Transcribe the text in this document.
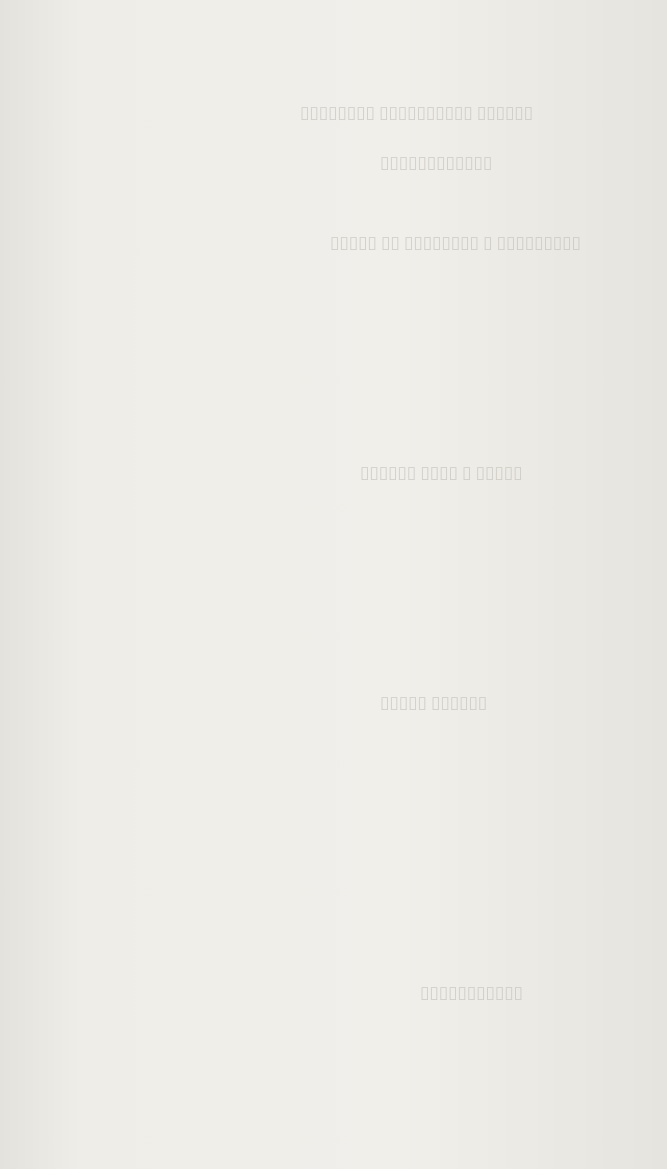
▯▯▯▯▯▯▯▯ ▯▯▯▯▯▯▯▯▯▯ ▯▯▯▯▯▯
▯▯▯▯▯▯▯▯▯▯▯▯
▯▯▯▯▯ ▯▯ ▯▯▯▯▯▯▯▯ ▯ ▯▯▯▯▯▯▯▯▯
▯▯▯▯▯▯ ▯▯▯▯ ▯ ▯▯▯▯▯
▯▯▯▯▯ ▯▯▯▯▯▯
▯▯▯▯▯▯▯▯▯▯▯
